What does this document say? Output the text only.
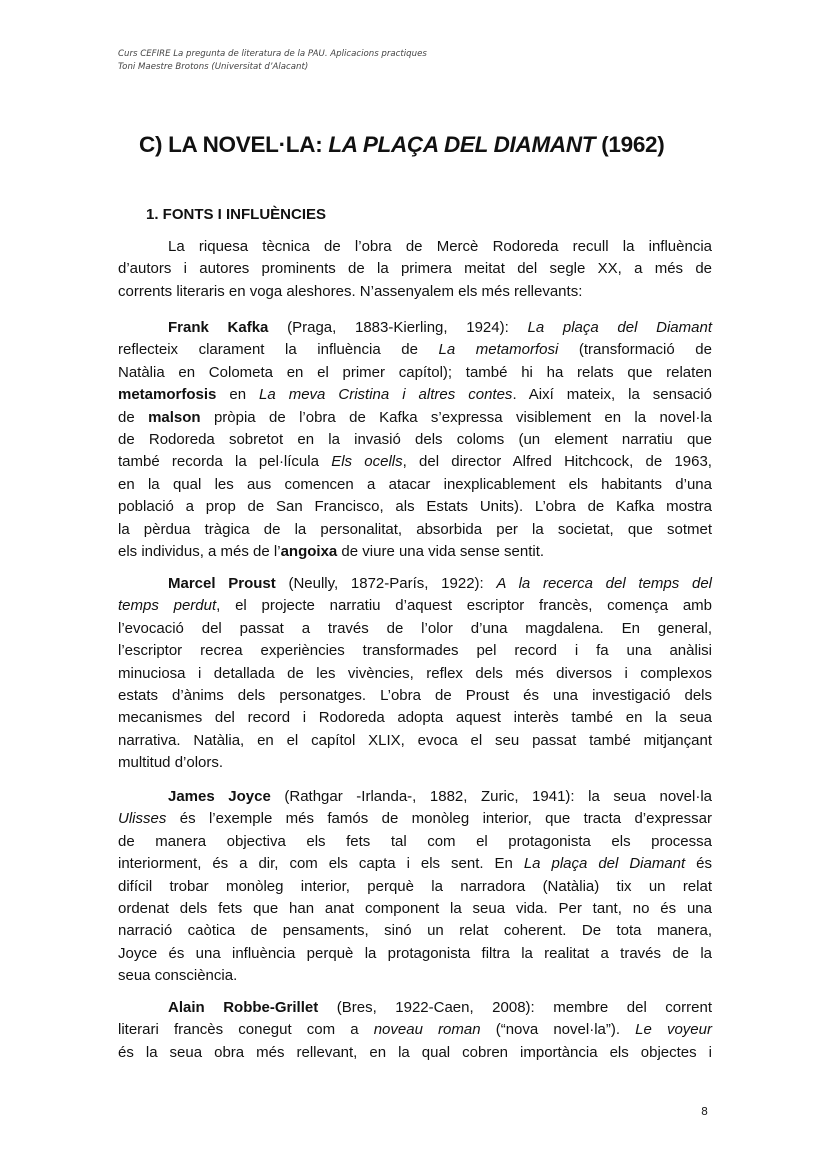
Curs CEFIRE La pregunta de literatura de la PAU. Aplicacions practiques
Toni Maestre Brotons (Universitat d’Alacant)
C) LA NOVEL·LA: LA PLAÇA DEL DIAMANT (1962)
1. FONTS I INFLUÈNCIES
La riquesa tècnica de l’obra de Mercè Rodoreda recull la influència
d’autors i autores prominents de la primera meitat del segle XX, a més de
corrents literaris en voga aleshores. N’assenyalem els més rellevants:
Frank Kafka (Praga, 1883-Kierling, 1924): La plaça del Diamant
reflecteix clarament la influència de La metamorfosi (transformació de
Natàlia en Colometa en el primer capítol); també hi ha relats que relaten
metamorfosis en La meva Cristina i altres contes. Així mateix, la sensació
de malson pròpia de l’obra de Kafka s’expressa visiblement en la novel·la
de Rodoreda sobretot en la invasió dels coloms (un element narratiu que
també recorda la pel·lícula Els ocells, del director Alfred Hitchcock, de 1963,
en la qual les aus comencen a atacar inexplicablement els habitants d’una
població a prop de San Francisco, als Estats Units). L’obra de Kafka mostra
la pèrdua tràgica de la personalitat, absorbida per la societat, que sotmet
els individus, a més de l’angoixa de viure una vida sense sentit.
Marcel Proust (Neully, 1872-París, 1922): A la recerca del temps del
temps perdut, el projecte narratiu d’aquest escriptor francès, comença amb
l’evocació del passat a través de l’olor d’una magdalena. En general,
l’escriptor recrea experiències transformades pel record i fa una anàlisi
minuciosa i detallada de les vivències, reflex dels més diversos i complexos
estats d’ànims dels personatges. L’obra de Proust és una investigació dels
mecanismes del record i Rodoreda adopta aquest interès també en la seua
narrativa. Natàlia, en el capítol XLIX, evoca el seu passat també mitjançant
multitud d’olors.
James Joyce (Rathgar -Irlanda-, 1882, Zuric, 1941): la seua novel·la
Ulisses és l’exemple més famós de monòleg interior, que tracta d’expressar
de manera objectiva els fets tal com el protagonista els processa
interiorment, és a dir, com els capta i els sent. En La plaça del Diamant és
difícil trobar monòleg interior, perquè la narradora (Natàlia) tix un relat
ordenat dels fets que han anat component la seua vida. Per tant, no és una
narració caòtica de pensaments, sinó un relat coherent. De tota manera,
Joyce és una influència perquè la protagonista filtra la realitat a través de la
seua consciència.
Alain Robbe-Grillet (Bres, 1922-Caen, 2008): membre del corrent
literari francès conegut com a noveau roman (“nova novel·la”). Le voyeur
és la seua obra més rellevant, en la qual cobren importància els objectes i
8
